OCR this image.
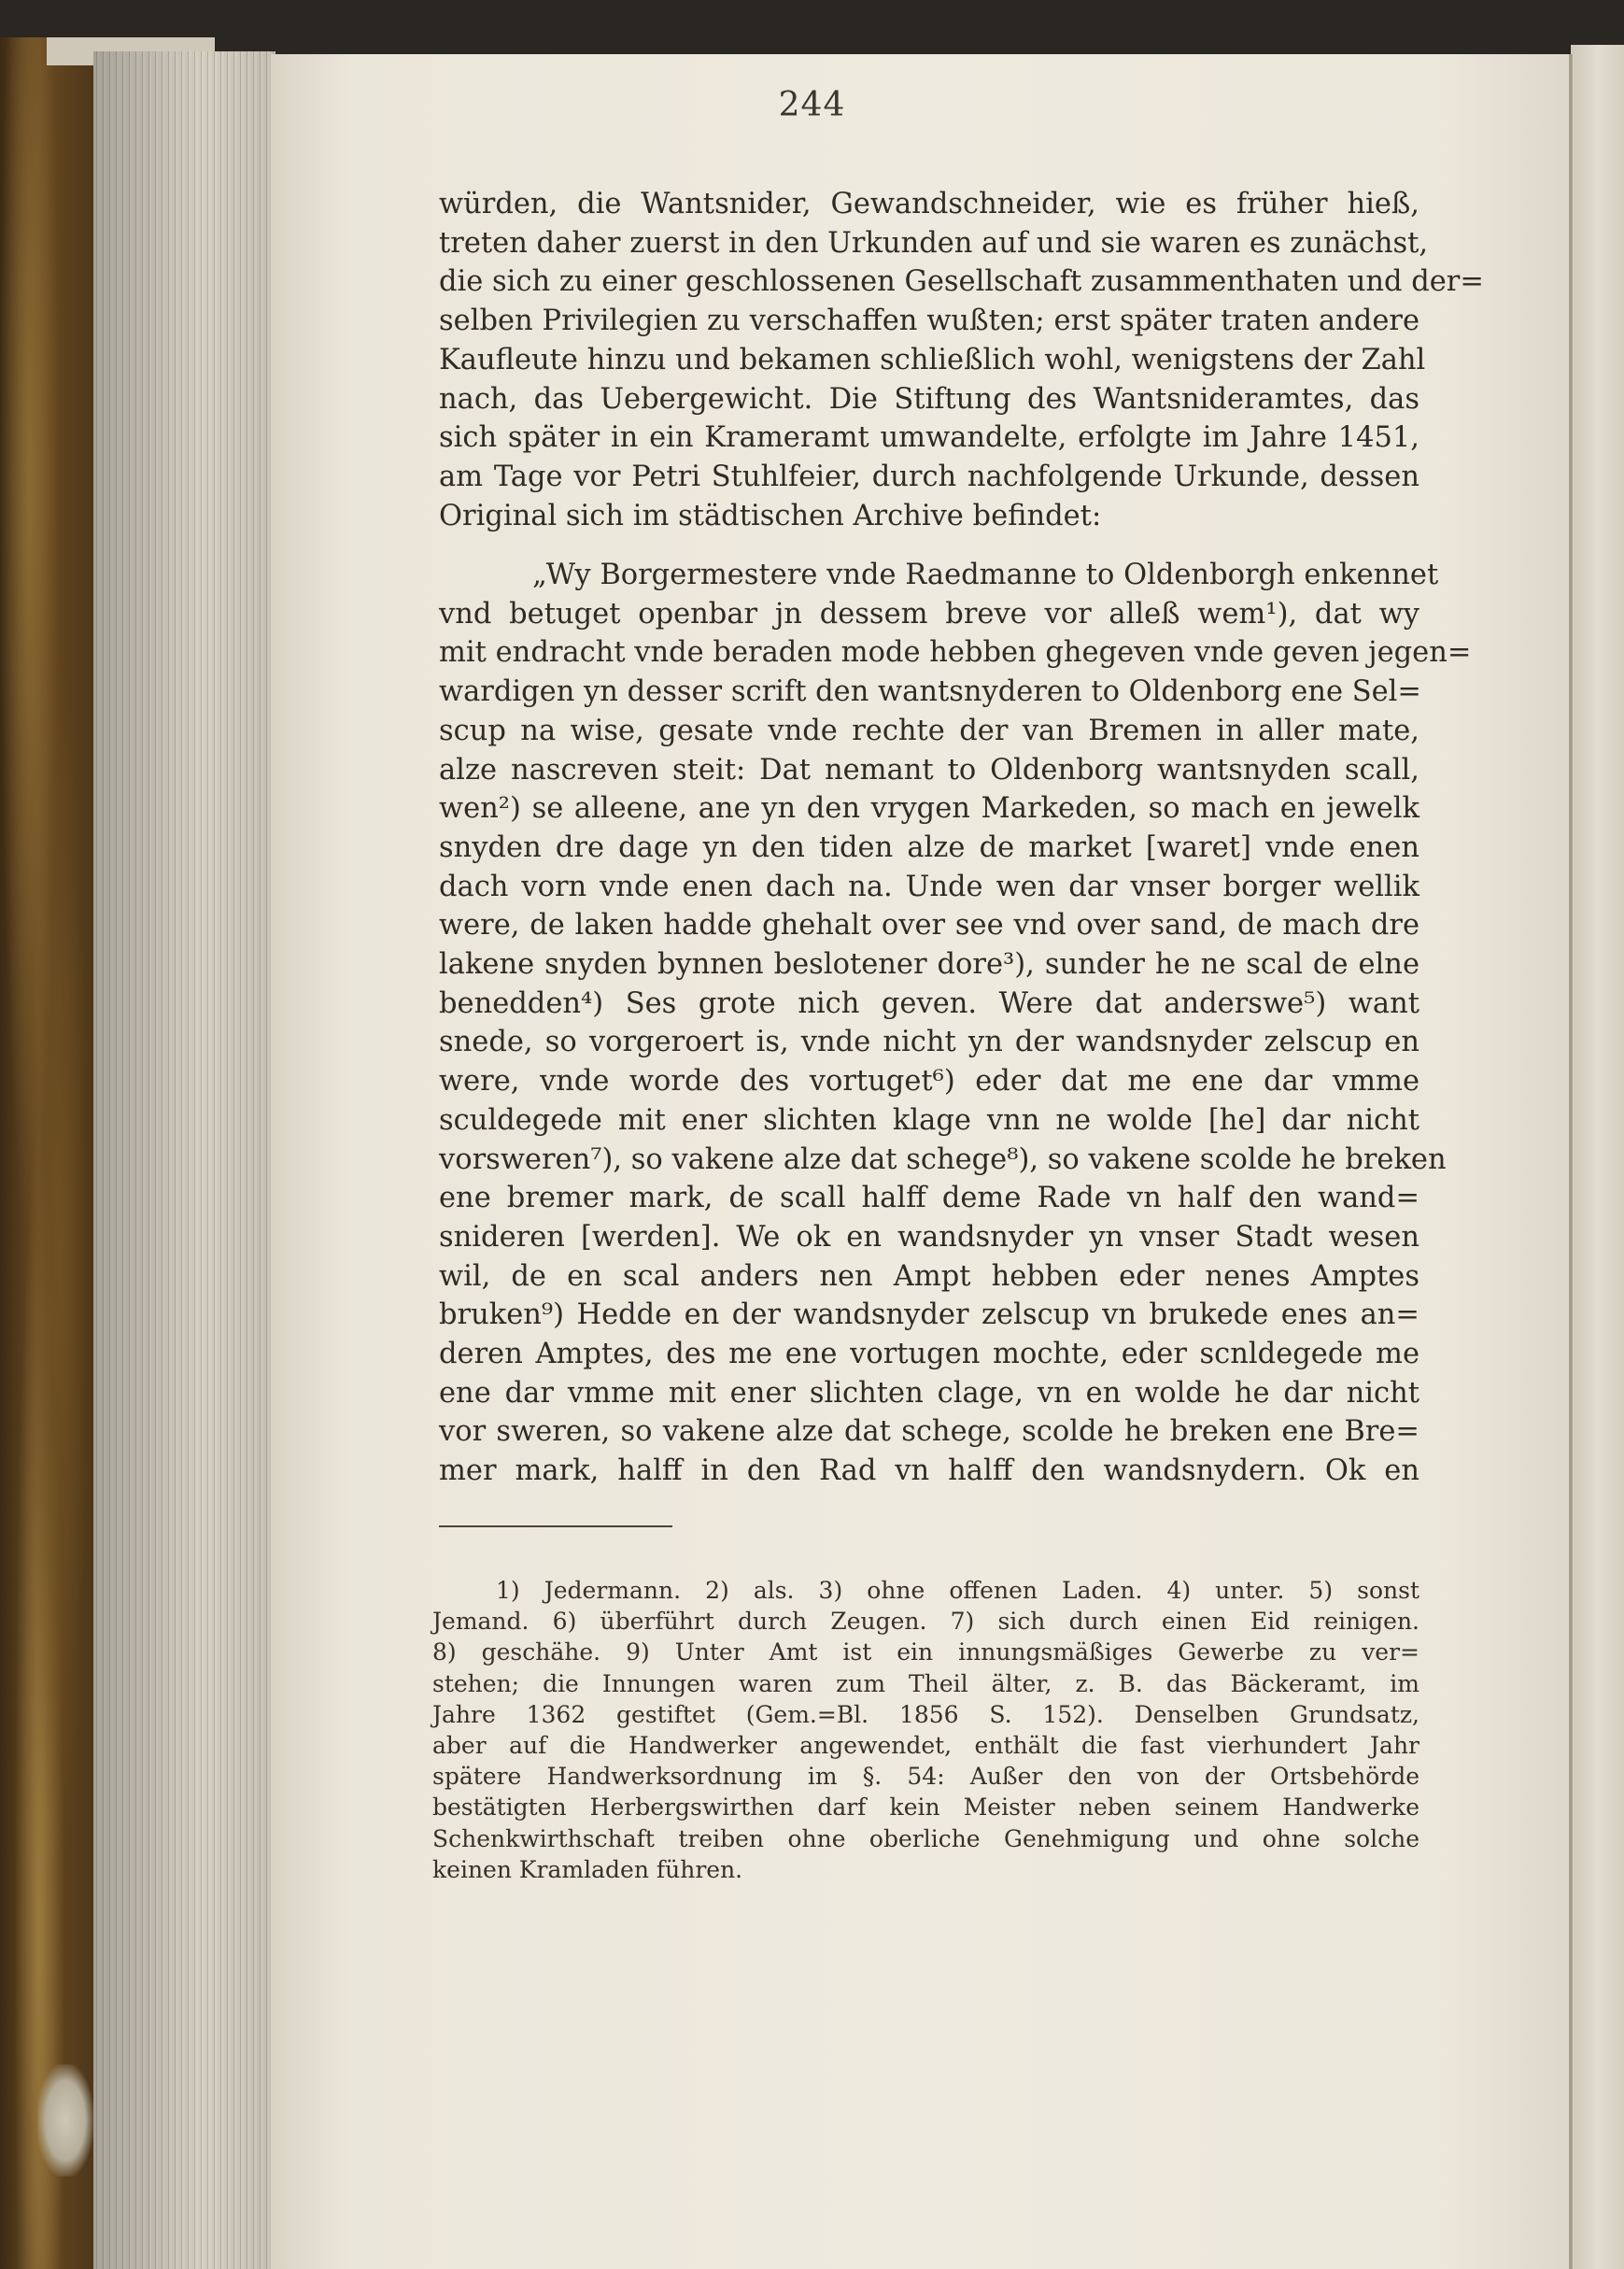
244
würden, die Wantsnider, Gewandschneider, wie es früher hieß,
treten daher zuerst in den Urkunden auf und sie waren es zunächst,
die sich zu einer geschlossenen Gesellschaft zusammenthaten und der=
selben Privilegien zu verschaffen wußten; erst später traten andere
Kaufleute hinzu und bekamen schließlich wohl, wenigstens der Zahl
nach, das Uebergewicht. Die Stiftung des Wantsnideramtes, das
sich später in ein Krameramt umwandelte, erfolgte im Jahre 1451,
am Tage vor Petri Stuhlfeier, durch nachfolgende Urkunde, dessen
Original sich im städtischen Archive befindet:
„Wy Borgermestere vnde Raedmanne to Oldenborgh enkennet
vnd betuget openbar jn dessem breve vor alleß wem¹), dat wy
mit endracht vnde beraden mode hebben ghegeven vnde geven jegen=
wardigen yn desser scrift den wantsnyderen to Oldenborg ene Sel=
scup na wise, gesate vnde rechte der van Bremen in aller mate,
alze nascreven steit: Dat nemant to Oldenborg wantsnyden scall,
wen²) se alleene, ane yn den vrygen Markeden, so mach en jewelk
snyden dre dage yn den tiden alze de market [waret] vnde enen
dach vorn vnde enen dach na. Unde wen dar vnser borger wellik
were, de laken hadde ghehalt over see vnd over sand, de mach dre
lakene snyden bynnen beslotener dore³), sunder he ne scal de elne
benedden⁴) Ses grote nich geven. Were dat anderswe⁵) want
snede, so vorgeroert is, vnde nicht yn der wandsnyder zelscup en
were, vnde worde des vortuget⁶) eder dat me ene dar vmme
sculdegede mit ener slichten klage vnn ne wolde [he] dar nicht
vorsweren⁷), so vakene alze dat schege⁸), so vakene scolde he breken
ene bremer mark, de scall halff deme Rade vn half den wand=
snideren [werden]. We ok en wandsnyder yn vnser Stadt wesen
wil, de en scal anders nen Ampt hebben eder nenes Amptes
bruken⁹) Hedde en der wandsnyder zelscup vn brukede enes an=
deren Amptes, des me ene vortugen mochte, eder scnldegede me
ene dar vmme mit ener slichten clage, vn en wolde he dar nicht
vor sweren, so vakene alze dat schege, scolde he breken ene Bre=
mer mark, halff in den Rad vn halff den wandsnydern. Ok en
1) Jedermann. 2) als. 3) ohne offenen Laden. 4) unter. 5) sonst
Jemand. 6) überführt durch Zeugen. 7) sich durch einen Eid reinigen.
8) geschähe. 9) Unter Amt ist ein innungsmäßiges Gewerbe zu ver=
stehen; die Innungen waren zum Theil älter, z. B. das Bäckeramt, im
Jahre 1362 gestiftet (Gem.=Bl. 1856 S. 152). Denselben Grundsatz,
aber auf die Handwerker angewendet, enthält die fast vierhundert Jahr
spätere Handwerksordnung im §. 54: Außer den von der Ortsbehörde
bestätigten Herbergswirthen darf kein Meister neben seinem Handwerke
Schenkwirthschaft treiben ohne oberliche Genehmigung und ohne solche
keinen Kramladen führen.
